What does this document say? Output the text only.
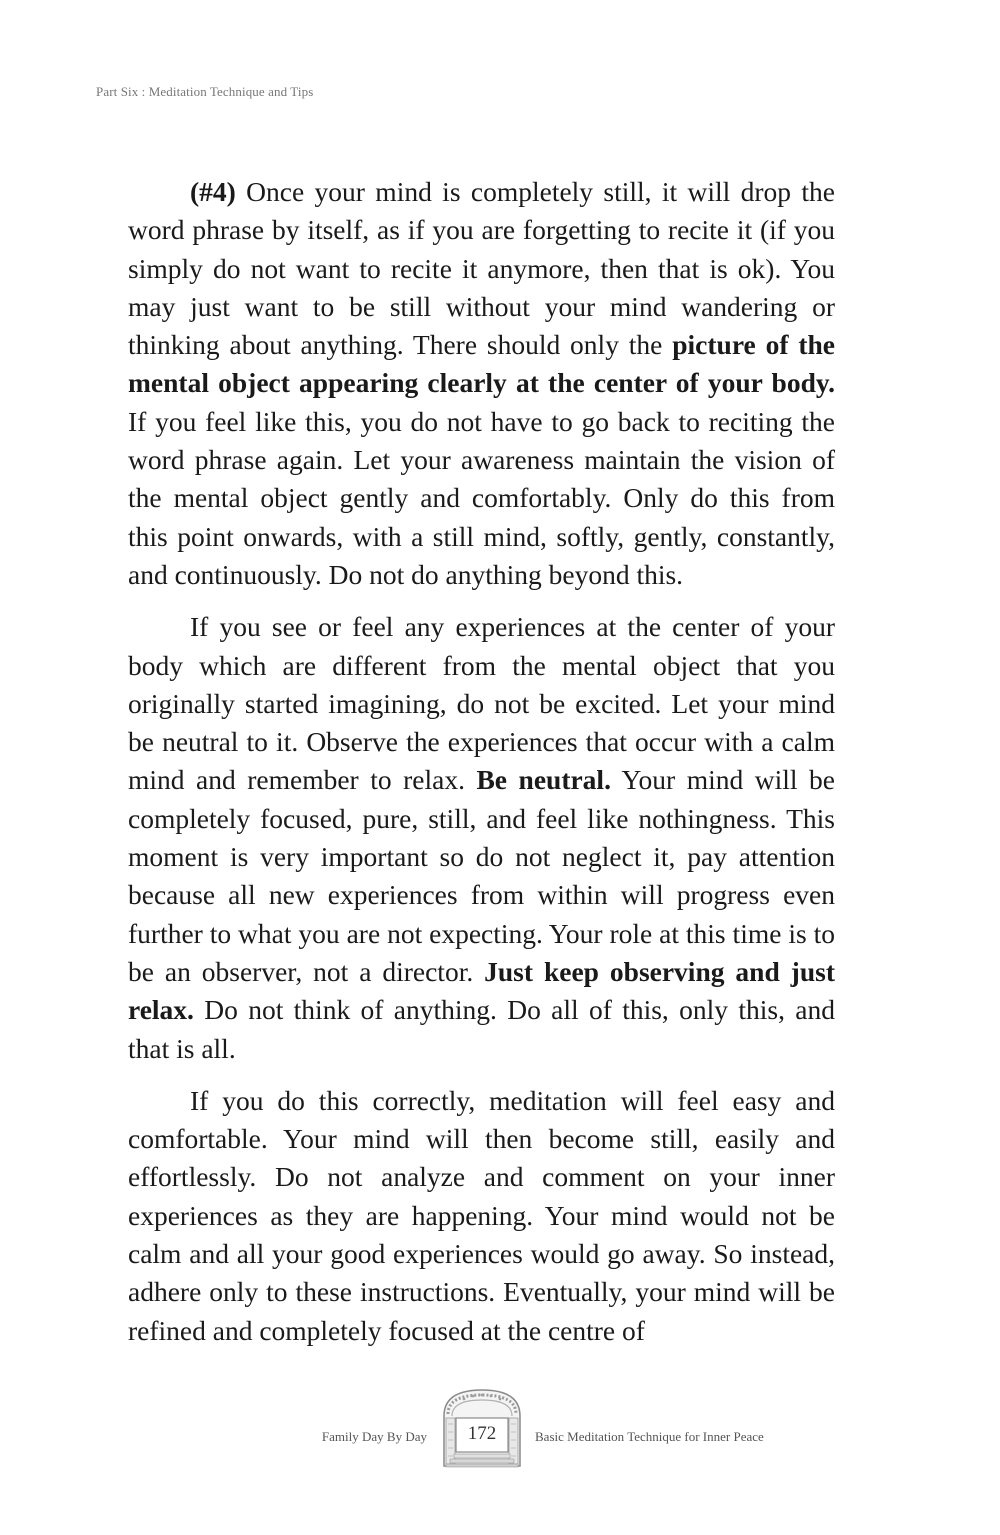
Part Six : Meditation Technique and Tips

(#4) Once your mind is completely still, it will drop the word phrase by itself, as if you are forgetting to recite it (if you simply do not want to recite it anymore, then that is ok). You may just want to be still without your mind wandering or thinking about anything. There should only the picture of the mental object appearing clearly at the center of your body. If you feel like this, you do not have to go back to reciting the word phrase again. Let your awareness maintain the vision of the mental object gently and comfortably. Only do this from this point onwards, with a still mind, softly, gently, constantly, and continuously. Do not do anything beyond this.

If you see or feel any experiences at the center of your body which are different from the mental object that you originally started imagining, do not be excited. Let your mind be neutral to it. Observe the experiences that occur with a calm mind and remember to relax. Be neutral. Your mind will be completely focused, pure, still, and feel like nothingness. This moment is very important so do not neglect it, pay attention because all new experiences from within will progress even further to what you are not expecting. Your role at this time is to be an observer, not a director. Just keep observing and just relax. Do not think of anything. Do all of this, only this, and that is all.

If you do this correctly, meditation will feel easy and comfortable. Your mind will then become still, easily and effortlessly. Do not analyze and comment on your inner experiences as they are happening. Your mind would not be calm and all your good experiences would go away. So instead, adhere only to these instructions. Eventually, your mind will be refined and completely focused at the centre of

Family Day By Day	172	Basic Meditation Technique for Inner Peace
